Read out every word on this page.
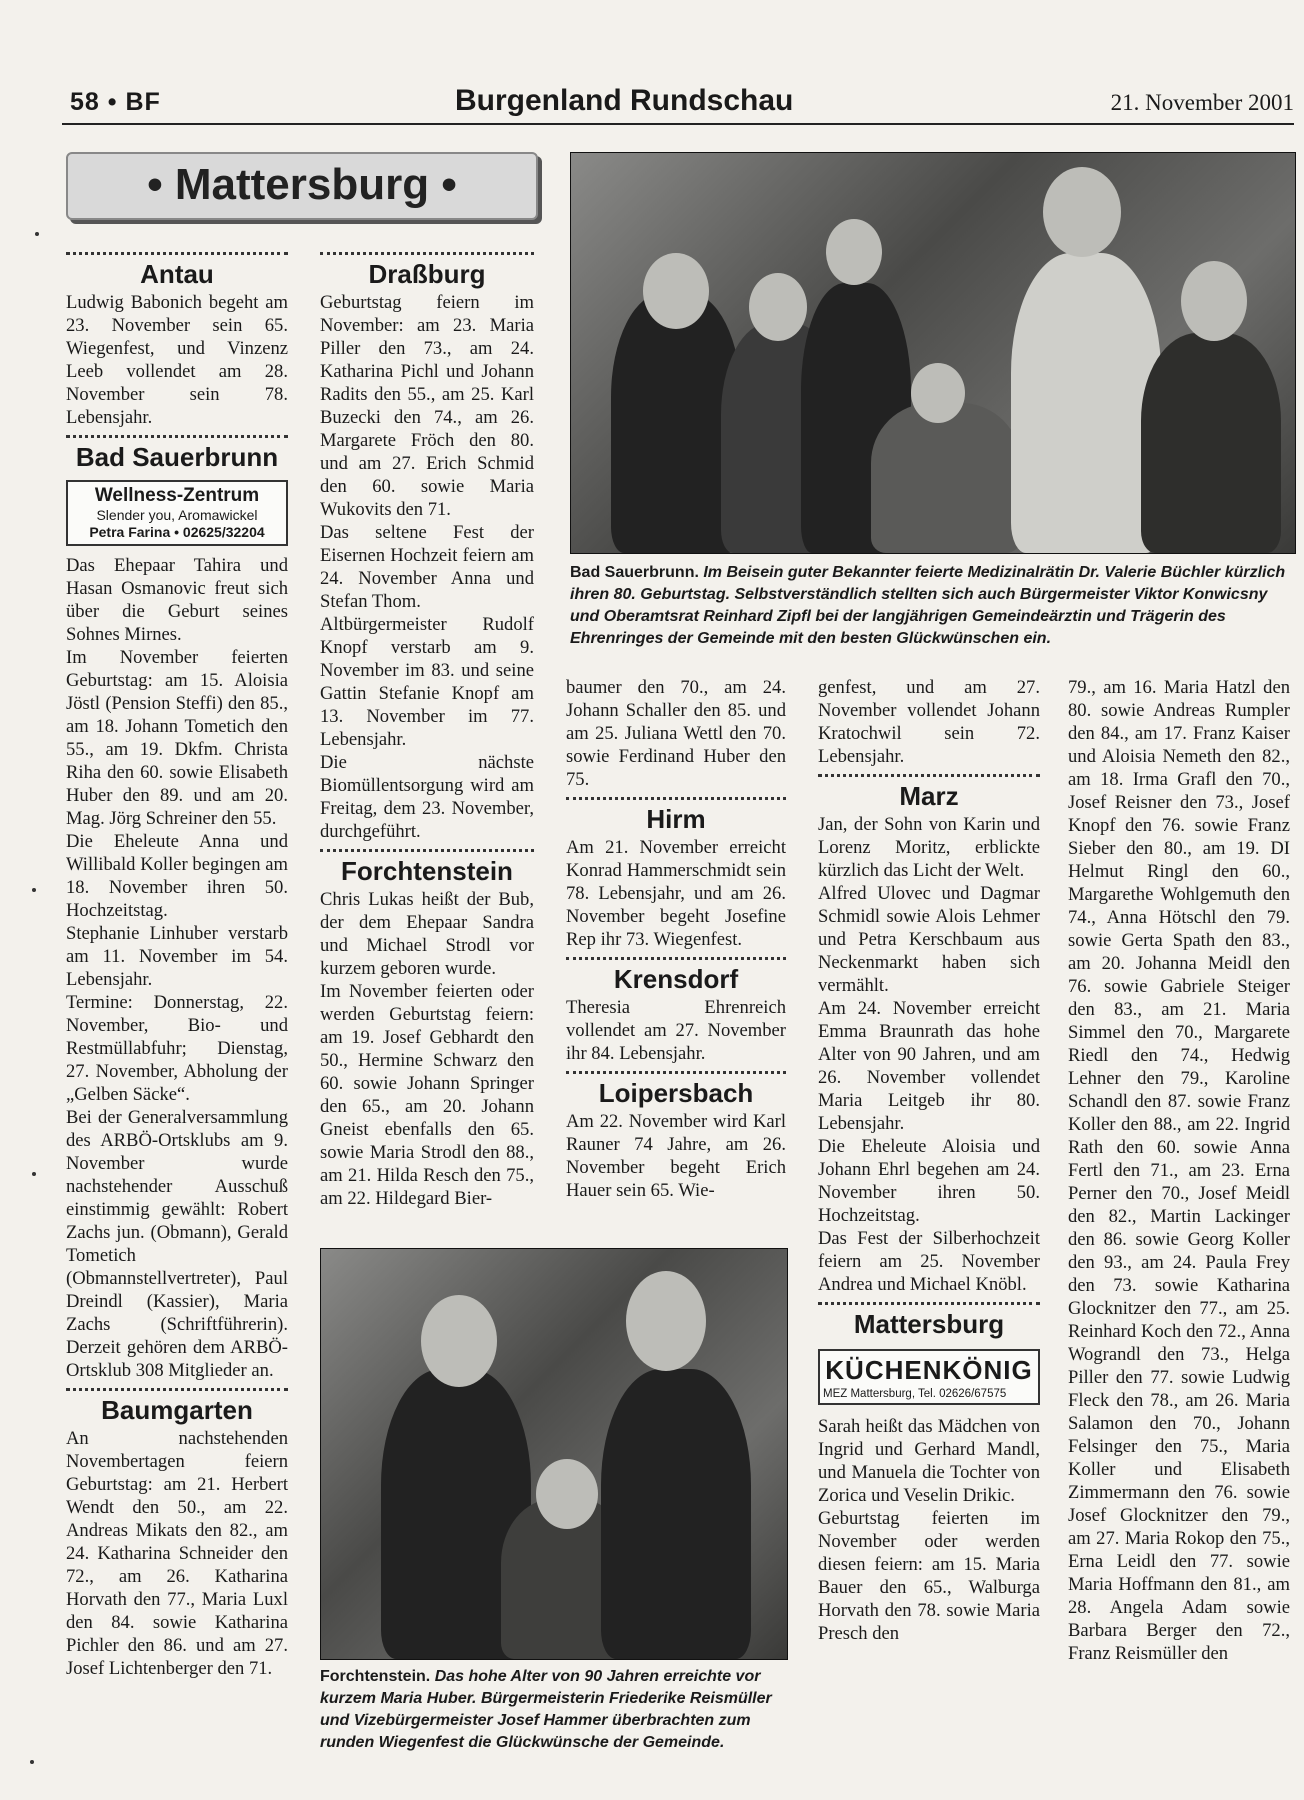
58 • BF	Burgenland Rundschau	21. November 2001
• Mattersburg •
Antau

Ludwig Babonich begeht am 23. November sein 65. Wiegenfest, und Vinzenz Leeb vollendet am 28. November sein 78. Lebensjahr.

Bad Sauerbrunn
Wellness-Zentrum
Slender you, Aromawickel
Petra Farina • 02625/32204

Das Ehepaar Tahira und Hasan Osmanovic freut sich über die Geburt seines Sohnes Mirnes.

Im November feierten Geburtstag: am 15. Aloisia Jöstl (Pension Steffi) den 85., am 18. Johann Tometich den 55., am 19. Dkfm. Christa Riha den 60. sowie Elisabeth Huber den 89. und am 20. Mag. Jörg Schreiner den 55.

Die Eheleute Anna und Willibald Koller begingen am 18. November ihren 50. Hochzeitstag.

Stephanie Linhuber verstarb am 11. November im 54. Lebensjahr.

Termine: Donnerstag, 22. November, Bio- und Restmüllabfuhr; Dienstag, 27. November, Abholung der „Gelben Säcke“.

Bei der Generalversammlung des ARBÖ-Ortsklubs am 9. November wurde nachstehender Ausschuß einstimmig gewählt: Robert Zachs jun. (Obmann), Gerald Tometich (Obmannstellvertreter), Paul Dreindl (Kassier), Maria Zachs (Schriftführerin). Derzeit gehören dem ARBÖ-Ortsklub 308 Mitglieder an.

Baumgarten

An nachstehenden Novembertagen feiern Geburtstag: am 21. Herbert Wendt den 50., am 22. Andreas Mikats den 82., am 24. Katharina Schneider den 72., am 26. Katharina Horvath den 77., Maria Luxl den 84. sowie Katharina Pichler den 86. und am 27. Josef Lichtenberger den 71.

Draßburg

Geburtstag feiern im November: am 23. Maria Piller den 73., am 24. Katharina Pichl und Johann Radits den 55., am 25. Karl Buzecki den 74., am 26. Margarete Fröch den 80. und am 27. Erich Schmid den 60. sowie Maria Wukovits den 71.

Das seltene Fest der Eisernen Hochzeit feiern am 24. November Anna und Stefan Thom.

Altbürgermeister Rudolf Knopf verstarb am 9. November im 83. und seine Gattin Stefanie Knopf am 13. November im 77. Lebensjahr.

Die nächste Biomüllentsorgung wird am Freitag, dem 23. November, durchgeführt.

Forchtenstein

Chris Lukas heißt der Bub, der dem Ehepaar Sandra und Michael Strodl vor kurzem geboren wurde.

Im November feierten oder werden Geburtstag feiern: am 19. Josef Gebhardt den 50., Hermine Schwarz den 60. sowie Johann Springer den 65., am 20. Johann Gneist ebenfalls den 65. sowie Maria Strodl den 88., am 21. Hilda Resch den 75., am 22. Hildegard Bier-

Bad Sauerbrunn. Im Beisein guter Bekannter feierte Medizinalrätin Dr. Valerie Büchler kürzlich ihren 80. Geburtstag. Selbstverständlich stellten sich auch Bürgermeister Viktor Konwicsny und Oberamtsrat Reinhard Zipfl bei der langjährigen Gemeindeärztin und Trägerin des Ehrenringes der Gemeinde mit den besten Glückwünschen ein.

baumer den 70., am 24. Johann Schaller den 85. und am 25. Juliana Wettl den 70. sowie Ferdinand Huber den 75.

Hirm

Am 21. November erreicht Konrad Hammerschmidt sein 78. Lebensjahr, und am 26. November begeht Josefine Rep ihr 73. Wiegenfest.

Krensdorf

Theresia Ehrenreich vollendet am 27. November ihr 84. Lebensjahr.

Loipersbach

Am 22. November wird Karl Rauner 74 Jahre, am 26. November begeht Erich Hauer sein 65. Wie-

Forchtenstein. Das hohe Alter von 90 Jahren erreichte vor kurzem Maria Huber. Bürgermeisterin Friederike Reismüller und Vizebürgermeister Josef Hammer überbrachten zum runden Wiegenfest die Glückwünsche der Gemeinde.

genfest, und am 27. November vollendet Johann Kratochwil sein 72. Lebensjahr.

Marz

Jan, der Sohn von Karin und Lorenz Moritz, erblickte kürzlich das Licht der Welt.

Alfred Ulovec und Dagmar Schmidl sowie Alois Lehmer und Petra Kerschbaum aus Neckenmarkt haben sich vermählt.

Am 24. November erreicht Emma Braunrath das hohe Alter von 90 Jahren, und am 26. November vollendet Maria Leitgeb ihr 80. Lebensjahr.

Die Eheleute Aloisia und Johann Ehrl begehen am 24. November ihren 50. Hochzeitstag.

Das Fest der Silberhochzeit feiern am 25. November Andrea und Michael Knöbl.

Mattersburg
KÜCHENKÖNIG
MEZ Mattersburg, Tel. 02626/67575

Sarah heißt das Mädchen von Ingrid und Gerhard Mandl, und Manuela die Tochter von Zorica und Veselin Drikic.

Geburtstag feierten im November oder werden diesen feiern: am 15. Maria Bauer den 65., Walburga Horvath den 78. sowie Maria Presch den

79., am 16. Maria Hatzl den 80. sowie Andreas Rumpler den 84., am 17. Franz Kaiser und Aloisia Nemeth den 82., am 18. Irma Grafl den 70., Josef Reisner den 73., Josef Knopf den 76. sowie Franz Sieber den 80., am 19. DI Helmut Ringl den 60., Margarethe Wohlgemuth den 74., Anna Hötschl den 79. sowie Gerta Spath den 83., am 20. Johanna Meidl den 76. sowie Gabriele Steiger den 83., am 21. Maria Simmel den 70., Margarete Riedl den 74., Hedwig Lehner den 79., Karoline Schandl den 87. sowie Franz Koller den 88., am 22. Ingrid Rath den 60. sowie Anna Fertl den 71., am 23. Erna Perner den 70., Josef Meidl den 82., Martin Lackinger den 86. sowie Georg Koller den 93., am 24. Paula Frey den 73. sowie Katharina Glocknitzer den 77., am 25. Reinhard Koch den 72., Anna Wograndl den 73., Helga Piller den 77. sowie Ludwig Fleck den 78., am 26. Maria Salamon den 70., Johann Felsinger den 75., Maria Koller und Elisabeth Zimmermann den 76. sowie Josef Glocknitzer den 79., am 27. Maria Rokop den 75., Erna Leidl den 77. sowie Maria Hoffmann den 81., am 28. Angela Adam sowie Barbara Berger den 72., Franz Reismüller den
